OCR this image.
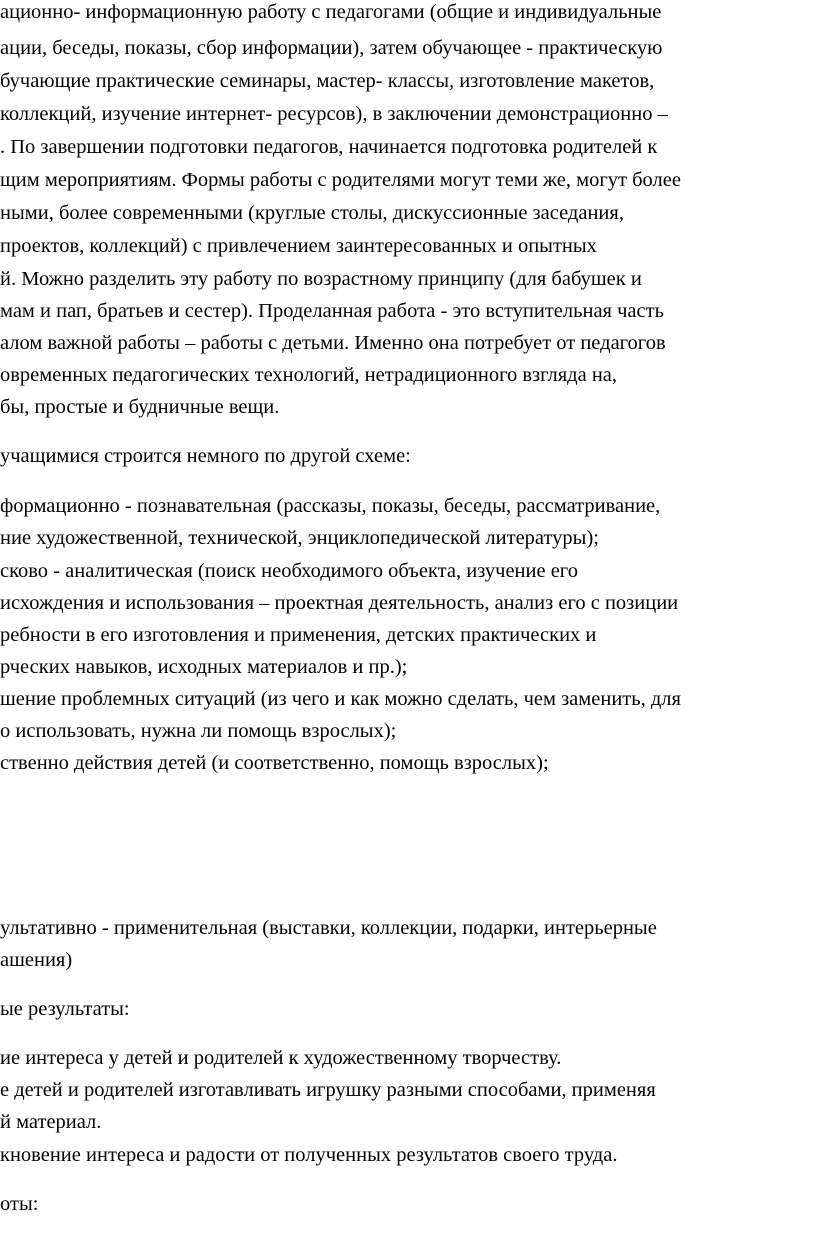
ационно- информационную работу с педагогами (общие и индивидуальные
ации, беседы, показы, сбор информации), затем обучающее - практическую
бучающие практические семинары, мастер- классы, изготовление макетов,
коллекций, изучение интернет- ресурсов), в заключении демонстрационно –
. По завершении подготовки педагогов, начинается подготовка родителей к
щим мероприятиям. Формы работы с родителями могут теми же, могут более
ными, более современными (круглые столы, дискуссионные заседания,
проектов, коллекций) с привлечением заинтересованных и опытных
й. Можно разделить эту работу по возрастному принципу (для бабушек и
мам и пап, братьев и сестер). Проделанная работа - это вступительная часть
алом важной работы – работы с детьми. Именно она потребует от педагогов
овременных педагогических технологий, нетрадиционного взгляда на,
бы, простые и будничные вещи.
учащимися строится немного по другой схеме:
формационно - познавательная (рассказы, показы, беседы, рассматривание,
ние художественной, технической, энциклопедической литературы);
сково - аналитическая (поиск необходимого объекта, изучение его
исхождения и использования – проектная деятельность, анализ его с позиции
ребности в его изготовления и применения, детских практических и
рческих навыков, исходных материалов и пр.);
шение проблемных ситуаций (из чего и как можно сделать, чем заменить, для
о использовать, нужна ли помощь взрослых);
ственно действия детей (и соответственно, помощь взрослых);
ультативно - применительная (выставки, коллекции, подарки, интерьерные
ашения)
ые результаты:
ие интереса у детей и родителей к художественному творчеству.
е детей и родителей изготавливать игрушку разными способами, применяя
й материал.
кновение интереса и радости от полученных результатов своего труда.
оты:
